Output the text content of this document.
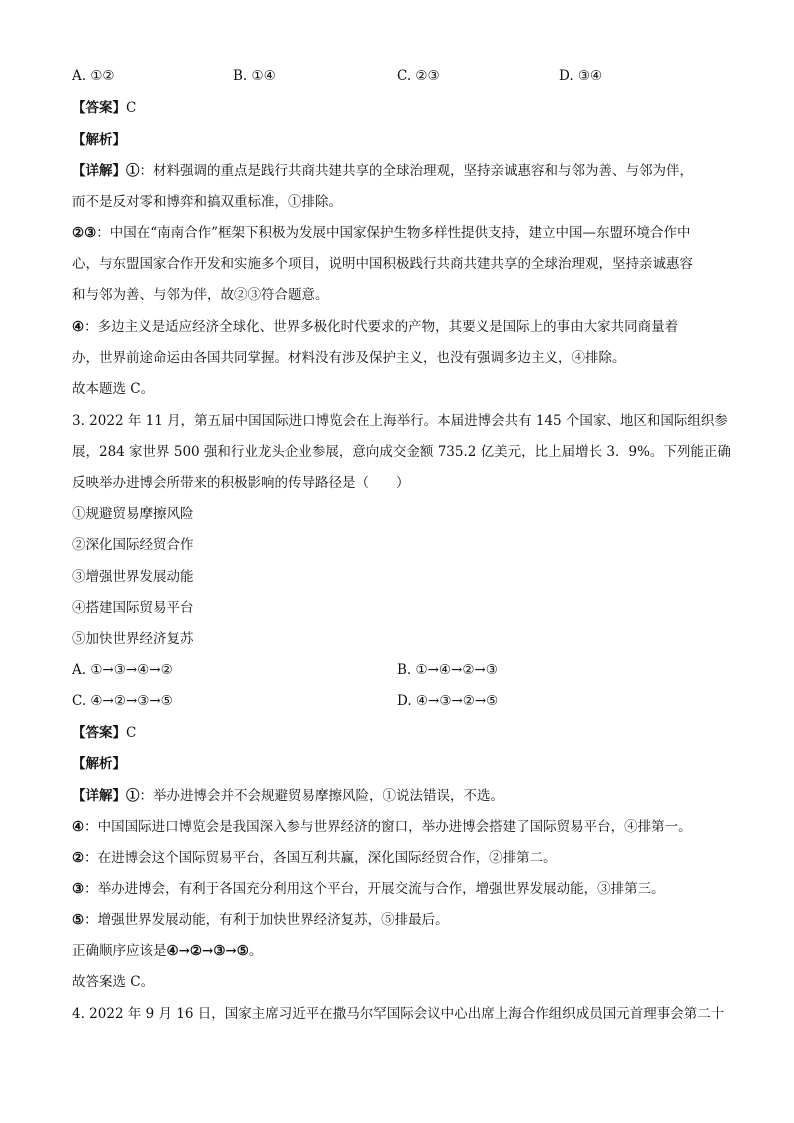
A. ①②	B. ①④	C. ②③	D. ③④
【答案】C
【解析】
【详解】①：材料强调的重点是践行共商共建共享的全球治理观，坚持亲诚惠容和与邻为善、与邻为伴，
而不是反对零和博弈和搞双重标准，①排除。
②③：中国在“南南合作”框架下积极为发展中国家保护生物多样性提供支持，建立中国—东盟环境合作中
心，与东盟国家合作开发和实施多个项目，说明中国积极践行共商共建共享的全球治理观，坚持亲诚惠容
和与邻为善、与邻为伴，故②③符合题意。
④：多边主义是适应经济全球化、世界多极化时代要求的产物，其要义是国际上的事由大家共同商量着
办，世界前途命运由各国共同掌握。材料没有涉及保护主义，也没有强调多边主义，④排除。
故本题选 C。
3. 2022 年 11 月，第五届中国国际进口博览会在上海举行。本届进博会共有 145 个国家、地区和国际组织参
展，284 家世界 500 强和行业龙头企业参展，意向成交金额 735.2 亿美元，比上届增长 3．9%。下列能正确
反映举办进博会所带来的积极影响的传导路径是（　　）
①规避贸易摩擦风险
②深化国际经贸合作
③增强世界发展动能
④搭建国际贸易平台
⑤加快世界经济复苏
A. ①→③→④→②	B. ①→④→②→③
C. ④→②→③→⑤	D. ④→③→②→⑤
【答案】C
【解析】
【详解】①：举办进博会并不会规避贸易摩擦风险，①说法错误，不选。
④：中国国际进口博览会是我国深入参与世界经济的窗口，举办进博会搭建了国际贸易平台，④排第一。
②：在进博会这个国际贸易平台，各国互利共赢，深化国际经贸合作，②排第二。
③：举办进博会，有利于各国充分利用这个平台，开展交流与合作，增强世界发展动能，③排第三。
⑤：增强世界发展动能，有利于加快世界经济复苏，⑤排最后。
正确顺序应该是④→②→③→⑤。
故答案选 C。
4. 2022 年 9 月 16 日，国家主席习近平在撒马尔罕国际会议中心出席上海合作组织成员国元首理事会第二十
